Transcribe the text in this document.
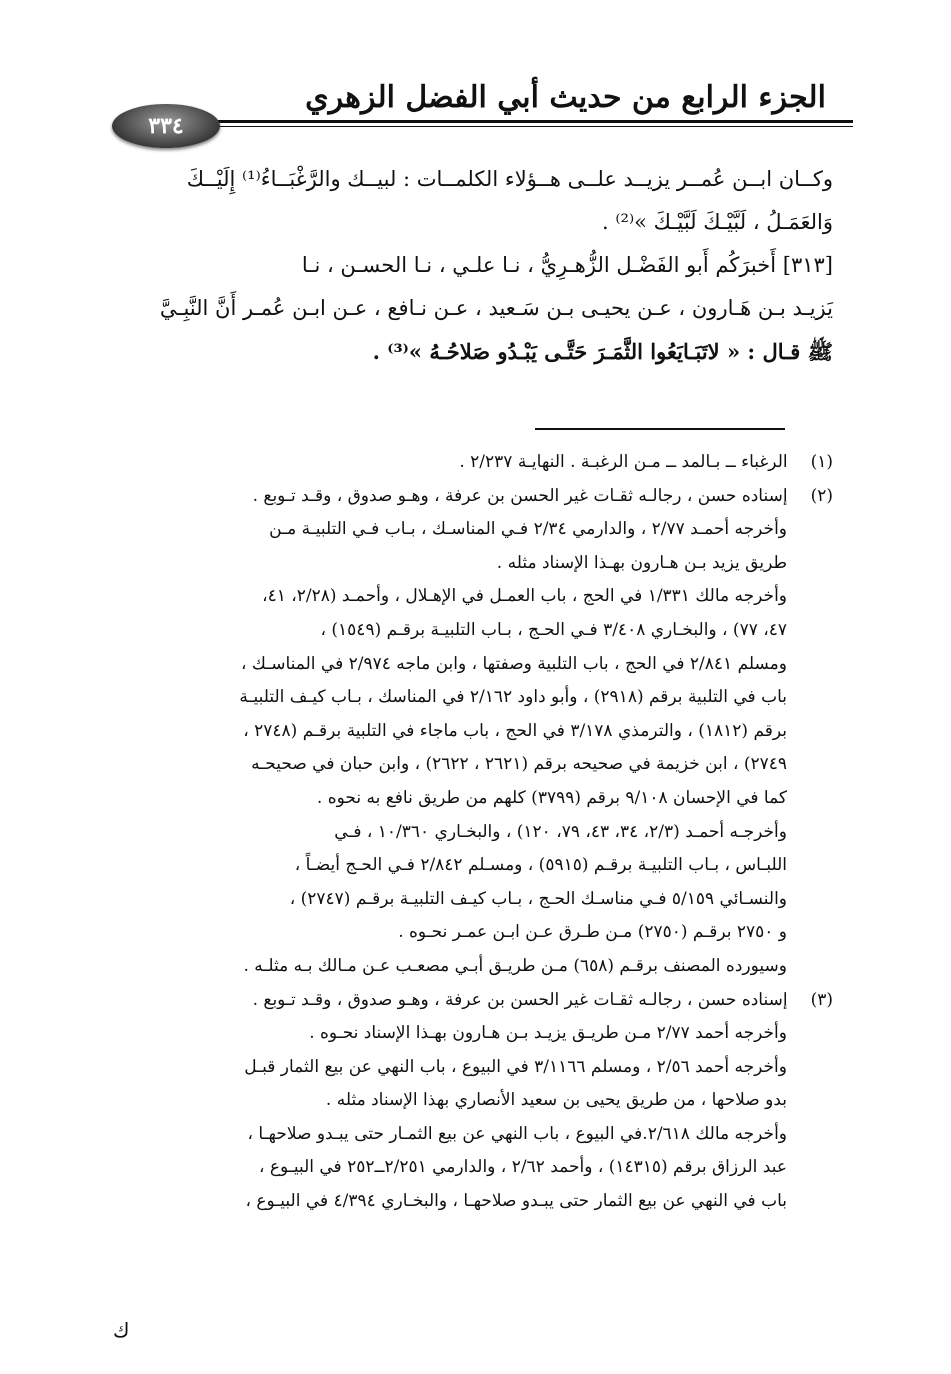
الجزء الرابع من حديث أبي الفضل الزهري
٣٣٤

وكــان ابــن عُمــر يزيــد علــى هــؤلاء الكلمــات : لبيــك والرَّغْبَــاءُ⁽¹⁾ إِلَيْــكَ
وَالعَمَـلُ ، لَبَّيْـكَ لَبَّيْـكَ »⁽²⁾ .
[٣١٣] أَخبرَكُم أَبو الفَضْـل الزُّهـرِيُّ ، نـا علـي ، نـا الحسـن ، نـا
يَزيـد بـن هَـارون ، عـن يحيـى بـن سَـعيد ، عـن نـافع ، عـن ابـن عُمـر أَنَّ النَّبِـيَّ
ﷺ قـال : « لاتَبَـايَعُوا الثَّمَـرَ حَتَّـى يَبْـدُو صَلاحُـهُ »⁽³⁾ .

(١) الرغباء ــ بـالمد ــ مـن الرغبـة . النهايـة ٢/٢٣٧ .
(٢) إسناده حسن ، رجالـه ثقـات غير الحسن بن عرفة ، وهـو صدوق ، وقـد تـوبع .
وأخرجه أحمـد ٢/٧٧ ، والدارمي ٢/٣٤ فـي المناسـك ، بـاب فـي التلبيـة مـن
طريق يزيد بـن هـارون بهـذا الإسناد مثله .
وأخرجه مالك ١/٣٣١ في الحج ، باب العمـل في الإهـلال ، وأحمـد (٢/٢٨، ٤١،
٤٧، ٧٧) ، والبخـاري ٣/٤٠٨ فـي الحـج ، بـاب التلبيـة برقـم (١٥٤٩) ،
ومسلم ٢/٨٤١ في الحج ، باب التلبية وصفتها ، وابن ماجه ٢/٩٧٤ في المناسـك ،
باب في التلبية برقم (٢٩١٨) ، وأبو داود ٢/١٦٢ في المناسك ، بـاب كيـف التلبيـة
برقم (١٨١٢) ، والترمذي ٣/١٧٨ في الحج ، باب ماجاء في التلبية برقـم (٢٧٤٨ ،
٢٧٤٩) ، ابن خزيمة في صحيحه برقم (٢٦٢١ ، ٢٦٢٢) ، وابن حبان في صحيحـه
كما في الإحسان ٩/١٠٨ برقم (٣٧٩٩) كلهم من طريق نافع به نحوه .
وأخرجـه أحمـد (٢/٣، ٣٤، ٤٣، ٧٩، ١٢٠) ، والبخـاري ١٠/٣٦٠ ، فـي
اللبـاس ، بـاب التلبيـة برقـم (٥٩١٥) ، ومسـلم ٢/٨٤٢ فـي الحـج أيضـاً ،
والنسـائي ٥/١٥٩ فـي مناسـك الحـج ، بـاب كيـف التلبيـة برقـم (٢٧٤٧) ،
و ٢٧٥٠ برقـم (٢٧٥٠) مـن طـرق عـن ابـن عمـر نحـوه .
وسيورده المصنف برقـم (٦٥٨) مـن طريـق أبـي مصعـب عـن مـالك بـه مثلـه .
(٣) إسناده حسن ، رجالـه ثقـات غير الحسن بن عرفة ، وهـو صدوق ، وقـد تـوبع .
وأخرجه أحمد ٢/٧٧ مـن طريـق يزيـد بـن هـارون بهـذا الإسناد نحـوه .
وأخرجه أحمد ٢/٥٦ ، ومسلم ٣/١١٦٦ في البيوع ، باب النهي عن بيع الثمار قبـل
بدو صلاحها ، من طريق يحيى بن سعيد الأنصاري بهذا الإسناد مثله .
وأخرجه مالك ٢/٦١٨.في البيوع ، باب النهي عن بيع الثمـار حتى يبـدو صلاحهـا ،
عبد الرزاق برقم (١٤٣١٥) ، وأحمد ٢/٦٢ ، والدارمي ٢/٢٥١ــ٢٥٢ في البيـوع ،
باب في النهي عن بيع الثمار حتى يبـدو صلاحهـا ، والبخـاري ٤/٣٩٤ في البيـوع ،
ﻙ
